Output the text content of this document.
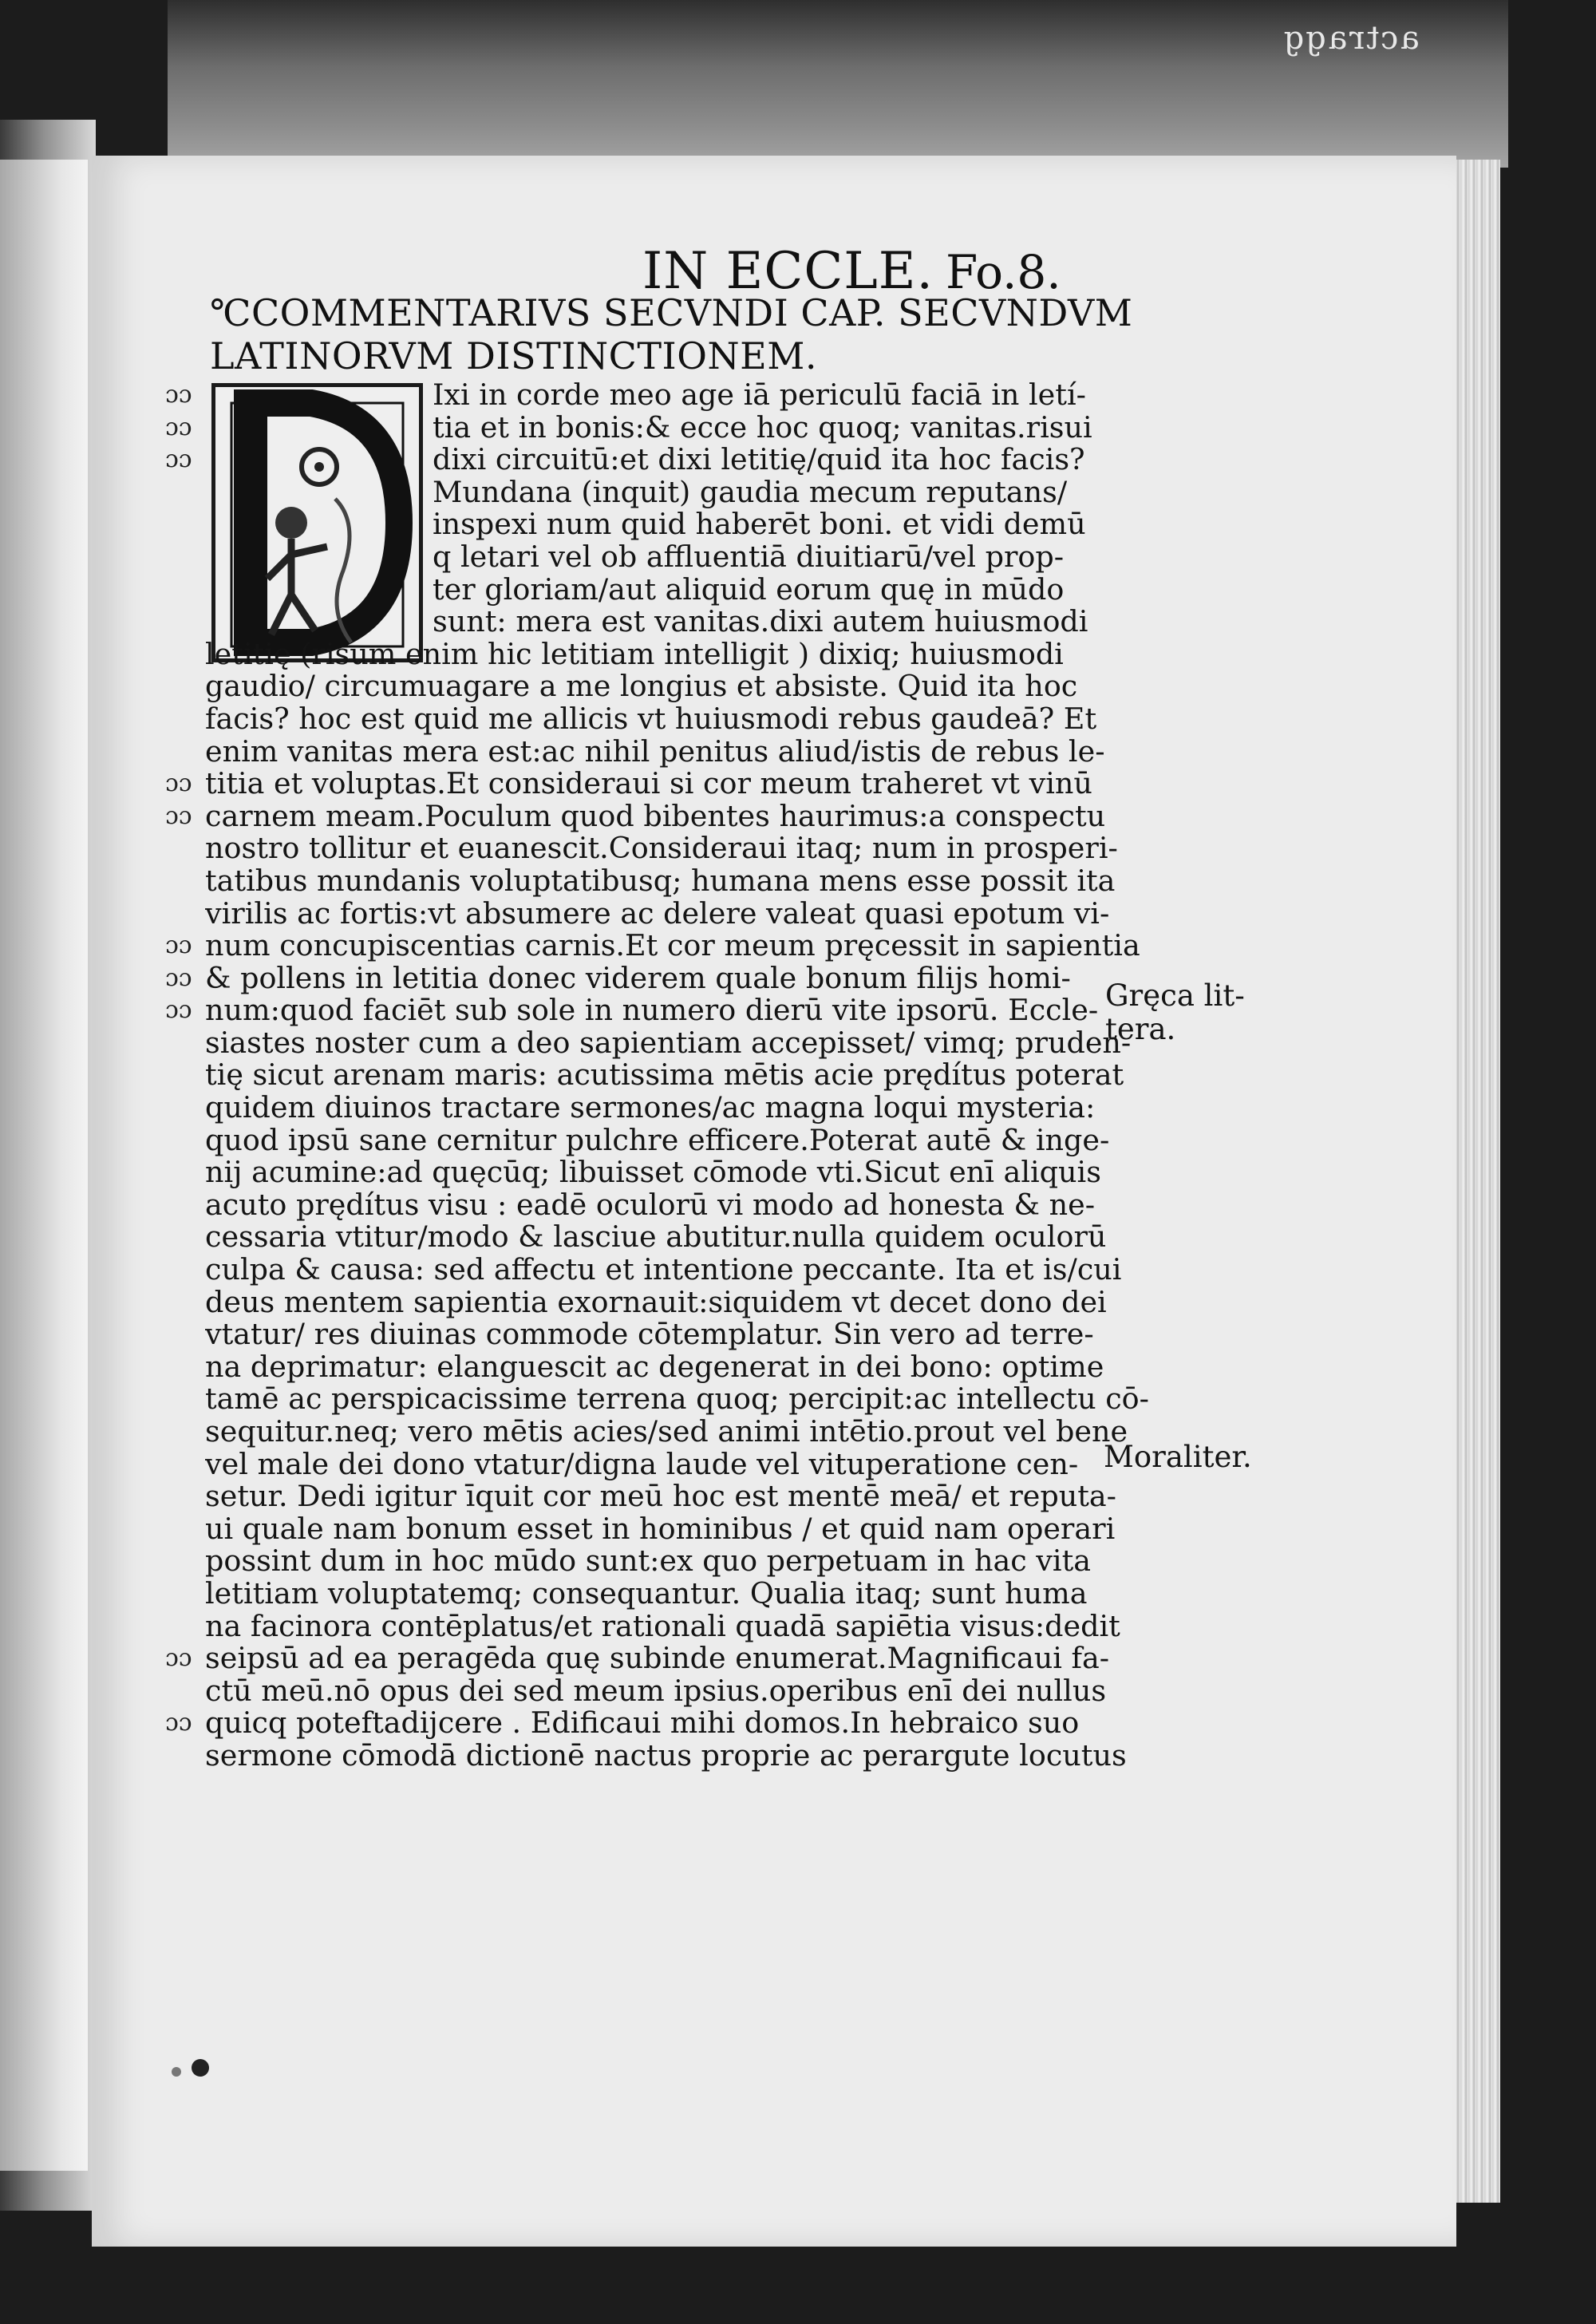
ɓɓɐɹʇɔɐ
IN ECCLE. Fo.8.
℃COMMENTARIVS SECVNDI CAP. SECVNDVM
LATINORVM DISTINCTIONEM.
ɔɔ
ɔɔ
ɔɔ
ɔɔ
ɔɔ
ɔɔ
ɔɔ
ɔɔ
ɔɔ
ɔɔ
Ixi in corde meo age iā periculū faciā in letí-
tia et in bonis:& ecce hoc quoq; vanitas.risui
dixi circuitū:et dixi letitię/quid ita hoc facis?
Mundana (inquit) gaudia mecum reputans/
inspexi num quid haberēt boni. et vidi demū
q letari vel ob affluentiā diuitiarū/vel prop-
ter gloriam/aut aliquid eorum quę in mūdo
sunt: mera est vanitas.dixi autem huiusmodi
letitię (risum enim hic letitiam intelligit ) dixiq; huiusmodi
gaudio/ circumuagare a me longius et absiste. Quid ita hoc
facis? hoc est quid me allicis vt huiusmodi rebus gaudeā? Et
enim vanitas mera est:ac nihil penitus aliud/istis de rebus le-
titia et voluptas.Et consideraui si cor meum traheret vt vinū
carnem meam.Poculum quod bibentes haurimus:a conspectu
nostro tollitur et euanescit.Consideraui itaq; num in prosperi-
tatibus mundanis voluptatibusq; humana mens esse possit ita
virilis ac fortis:vt absumere ac delere valeat quasi epotum vi-
num concupiscentias carnis.Et cor meum pręcessit in sapientia
& pollens in letitia donec viderem quale bonum filijs homi-
num:quod faciēt sub sole in numero dierū vite ipsorū. Eccle-
siastes noster cum a deo sapientiam accepisset/ vimq; pruden-
tię sicut arenam maris: acutissima mētis acie prędítus poterat
quidem diuinos tractare sermones/ac magna loqui mysteria:
quod ipsū sane cernitur pulchre efficere.Poterat autē & inge-
nij acumine:ad quęcūq; libuisset cōmode vti.Sicut enī aliquis
acuto prędítus visu : eadē oculorū vi modo ad honesta & ne-
cessaria vtitur/modo & lasciue abutitur.nulla quidem oculorū
culpa & causa: sed affectu et intentione peccante. Ita et is/cui
deus mentem sapientia exornauit:siquidem vt decet dono dei
vtatur/ res diuinas commode cōtemplatur. Sin vero ad terre-
na deprimatur: elanguescit ac degenerat in dei bono: optime
tamē ac perspicacissime terrena quoq; percipit:ac intellectu cō-
sequitur.neq; vero mētis acies/sed animi intētio.prout vel bene
vel male dei dono vtatur/digna laude vel vituperatione cen-
setur. Dedi igitur īquit cor meū hoc est mentē meā/ et reputa-
ui quale nam bonum esset in hominibus / et quid nam operari
possint dum in hoc mūdo sunt:ex quo perpetuam in hac vita
letitiam voluptatemq; consequantur. Qualia itaq; sunt huma
na facinora contēplatus/et rationali quadā sapiētia visus:dedit
seipsū ad ea peragēda quę subinde enumerat.Magnificaui fa-
ctū meū.nō opus dei sed meum ipsius.operibus enī dei nullus
quicq poteftadijcere . Edificaui mihi domos.In hebraico suo
sermone cōmodā dictionē nactus proprie ac perargute locutus
Gręca lit-
tera.
Moraliter.
